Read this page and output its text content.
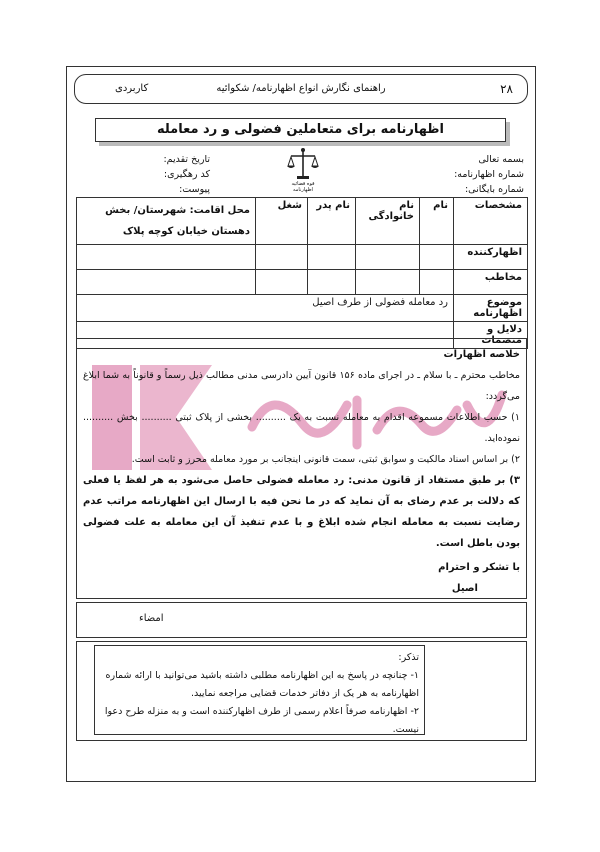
۲۸
راهنمای نگارش انواع اظهارنامه/ شکوائیه
کاربردی
اظهارنامه برای متعاملین فضولی و رد معامله
بسمه تعالی
شماره اظهارنامه:
شماره بایگانی:
قوه قضائیه
اظهارنامه
تاریخ تقدیم:
کد رهگیری:
پیوست:
مشخصات	نام	نام خانوادگی	نام پدر	شغل	محل اقامت: شهرستان/ بخش دهستان خیابان کوچه پلاک
اظهارکننده					
مخاطب					
موضوع اظهارنامه	رد معامله فضولی از طرف اصیل				
دلایل و منضمات					

خلاصه اظهارات

مخاطب محترم ـ با سلام ـ در اجرای ماده ۱۵۶ قانون آیین دادرسی مدنی مطالب ذیل رسماً و قانوناً به شما ابلاغ می‌گردد:

۱) حسب اطلاعات مسموعه اقدام به معامله نسبت به یک .......... بخشی از پلاک ثبتی .......... بخش .......... نموده‌اید.

۲) بر اساس اسناد مالکیت و سوابق ثبتی، سمت قانونی اینجانب بر مورد معامله محرز و ثابت است.

۳) بر طبق مستفاد از قانون مدنی: رد معامله فضولی حاصل می‌شود به هر لفظ یا فعلی که دلالت بر عدم رضای به آن نماید که در ما نحن فیه با ارسال این اظهارنامه مراتب عدم رضایت نسبت به معامله انجام شده ابلاغ و با عدم تنفیذ آن این معامله به علت فضولی بودن باطل است.

با تشکر و احترام

اصیل

امضاء

تذکر:

۱- چنانچه در پاسخ به این اظهارنامه مطلبی داشته باشید می‌توانید با ارائه شماره اظهارنامه به هر یک از دفاتر خدمات قضایی مراجعه نمایید.

۲- اظهارنامه صرفاً اعلام رسمی از طرف اظهارکننده است و به منزله طرح دعوا نیست.
